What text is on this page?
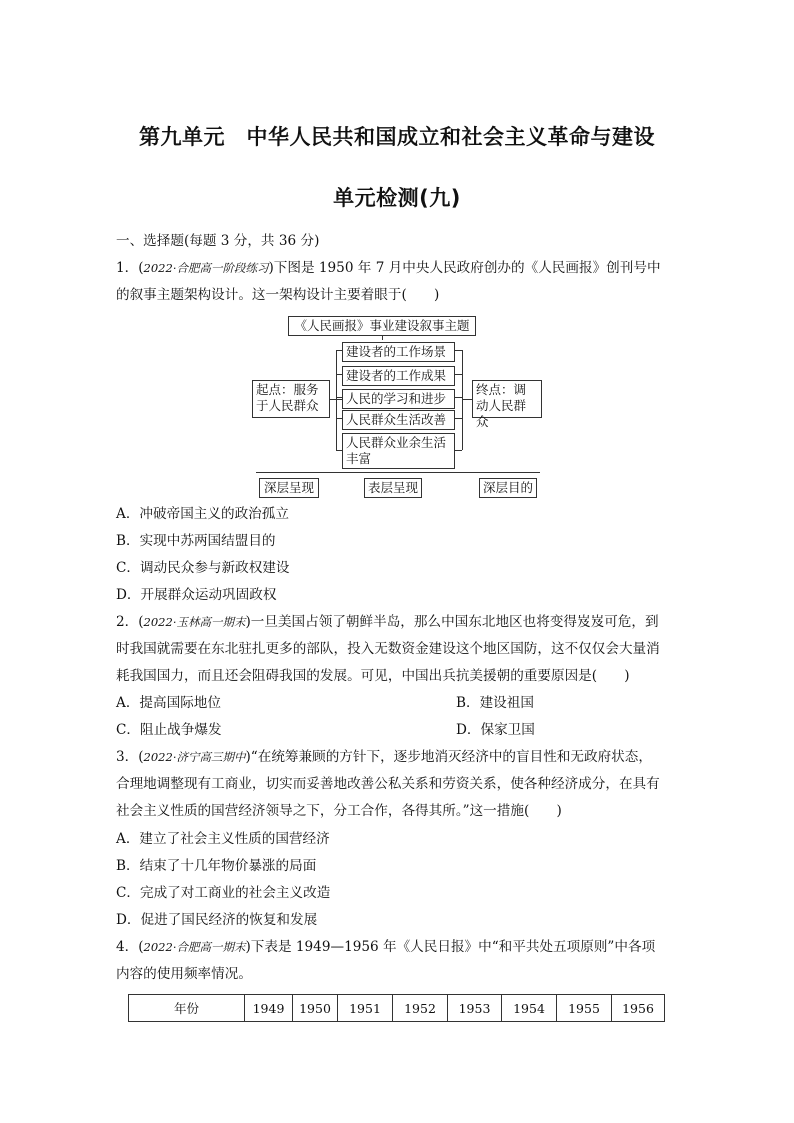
第九单元　中华人民共和国成立和社会主义革命与建设
单元检测(九)
一、选择题(每题 3 分，共 36 分)
1．(2022·合肥高一阶段练习)下图是 1950 年 7 月中央人民政府创办的《人民画报》创刊号中
的叙事主题架构设计。这一架构设计主要着眼于(　　)
《人民画报》事业建设叙事主题
起点：服务于人民群众
终点：调动人民群众
建设者的工作场景
建设者的工作成果
人民的学习和进步
人民群众生活改善
人民群众业余生活丰富
深层呈现	表层呈现	深层目的
A．冲破帝国主义的政治孤立
B．实现中苏两国结盟目的
C．调动民众参与新政权建设
D．开展群众运动巩固政权
2．(2022·玉林高一期末)一旦美国占领了朝鲜半岛，那么中国东北地区也将变得岌岌可危，到
时我国就需要在东北驻扎更多的部队，投入无数资金建设这个地区国防，这不仅仅会大量消
耗我国国力，而且还会阻碍我国的发展。可见，中国出兵抗美援朝的重要原因是(　　)
A．提高国际地位	B．建设祖国
C．阻止战争爆发	D．保家卫国
3．(2022·济宁高三期中)“在统筹兼顾的方针下，逐步地消灭经济中的盲目性和无政府状态，
合理地调整现有工商业，切实而妥善地改善公私关系和劳资关系，使各种经济成分，在具有
社会主义性质的国营经济领导之下，分工合作，各得其所。”这一措施(　　)
A．建立了社会主义性质的国营经济
B．结束了十几年物价暴涨的局面
C．完成了对工商业的社会主义改造
D．促进了国民经济的恢复和发展
4．(2022·合肥高一期末)下表是 1949—1956 年《人民日报》中“和平共处五项原则”中各项
内容的使用频率情况。
年份	1949	1950	1951	1952	1953	1954	1955	1956
